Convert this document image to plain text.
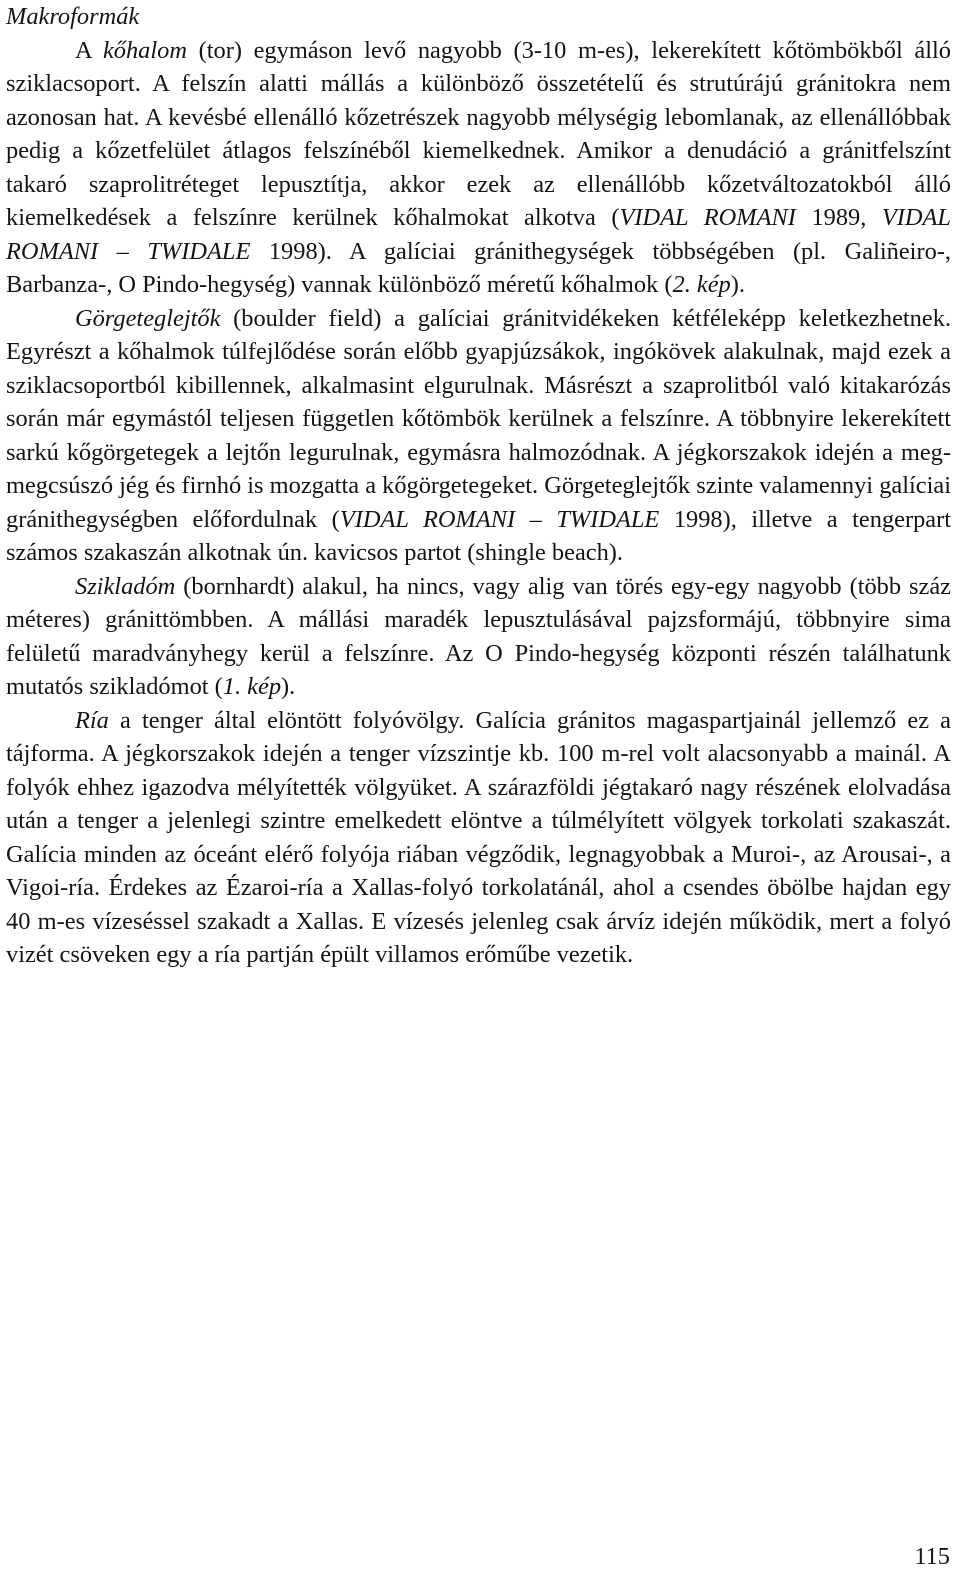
Makroformák

A kőhalom (tor) egymáson levő nagyobb (3-10 m-es), lekerekített kőtömbökből álló sziklacsoport. A felszín alatti mállás a különböző összetételű és strutúrájú gránitokra nem azonosan hat. A kevésbé ellenálló kőzetrészek nagyobb mélységig lebomlanak, az ellenállóbbak pedig a kőzetfelület átlagos felszínéből kiemelkednek. Amikor a denudáció a gránitfelszínt takaró szaprolitréteget lepusztítja, akkor ezek az ellenállóbb kőzetváltozatokból álló kiemelkedések a felszínre kerülnek kőhalmokat alkotva (VIDAL ROMANI 1989, VIDAL ROMANI – TWIDALE 1998). A galíciai gránithegységek többségében (pl. Galiñeiro-, Barbanza-, O Pindo-hegység) vannak különböző méretű kőhalmok (2. kép).

Görgeteglejtők (boulder field) a galíciai gránitvidékeken kétféleképp keletkezhetnek. Egyrészt a kőhalmok túlfejlődése során előbb gyapjúzsákok, ingókövek alakulnak, majd ezek a sziklacsoportból kibillennek, alkalmasint elgurulnak. Másrészt a szaprolitból való kitakarózás során már egymástól teljesen független kőtömbök kerülnek a felszínre. A többnyire lekerekített sarkú kőgörgetegek a lejtőn legurulnak, egymásra halmozódnak. A jégkorszakok idején a meg-megcsúszó jég és firnhó is mozgatta a kőgörgetegeket. Görgeteglejtők szinte valamennyi galíciai gránithegységben előfordulnak (VIDAL ROMANI – TWIDALE 1998), illetve a tengerpart számos szakaszán alkotnak ún. kavicsos partot (shingle beach).

Szikladóm (bornhardt) alakul, ha nincs, vagy alig van törés egy-egy nagyobb (több száz méteres) gránittömbben. A mállási maradék lepusztulásával pajzsformájú, többnyire sima felületű maradványhegy kerül a felszínre. Az O Pindo-hegység központi részén találhatunk mutatós szikladómot (1. kép).

Ría a tenger által elöntött folyóvölgy. Galícia gránitos magaspartjainál jellemző ez a tájforma. A jégkorszakok idején a tenger vízszintje kb. 100 m-rel volt alacsonyabb a mainál. A folyók ehhez igazodva mélyítették völgyüket. A szárazföldi jégtakaró nagy részének elolvadása után a tenger a jelenlegi szintre emelkedett elöntve a túlmélyített völgyek torkolati szakaszát. Galícia minden az óceánt elérő folyója riában végződik, legnagyobbak a Muroi-, az Arousai-, a Vigoi-ría. Érdekes az Ézaroi-ría a Xallas-folyó torkolatánál, ahol a csendes öbölbe hajdan egy 40 m-es vízeséssel szakadt a Xallas. E vízesés jelenleg csak árvíz idején működik, mert a folyó vizét csöveken egy a ría partján épült villamos erőműbe vezetik.

115
